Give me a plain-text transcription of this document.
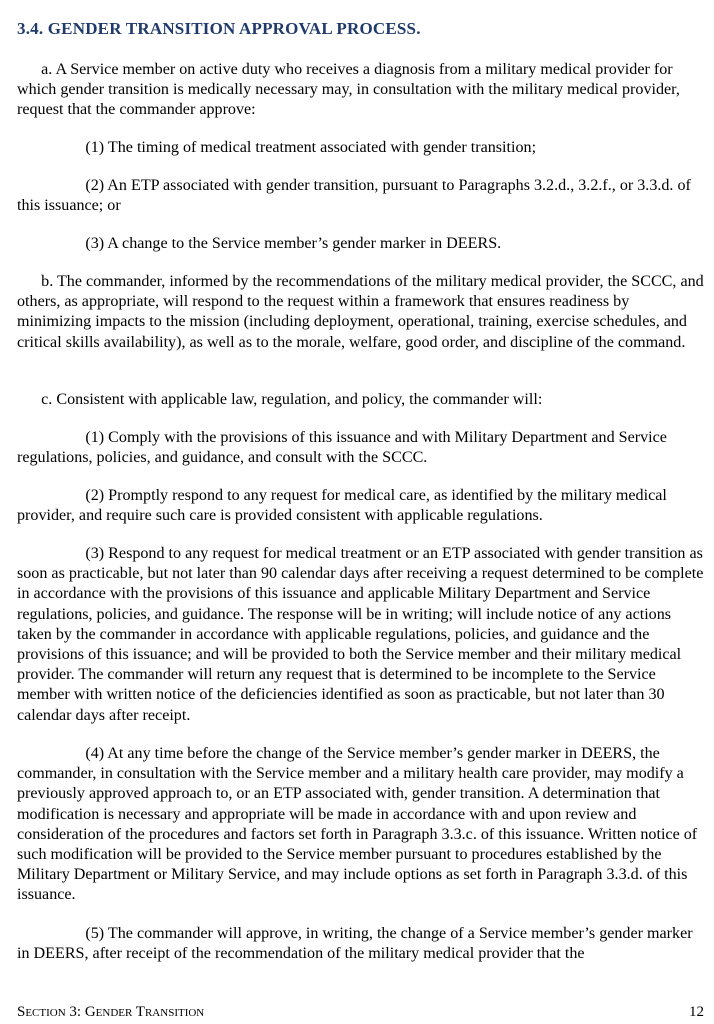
3.4. GENDER TRANSITION APPROVAL PROCESS.

a. A Service member on active duty who receives a diagnosis from a military medical provider for which gender transition is medically necessary may, in consultation with the military medical provider, request that the commander approve:

(1) The timing of medical treatment associated with gender transition;

(2) An ETP associated with gender transition, pursuant to Paragraphs 3.2.d., 3.2.f., or 3.3.d. of this issuance; or

(3) A change to the Service member’s gender marker in DEERS.

b. The commander, informed by the recommendations of the military medical provider, the SCCC, and others, as appropriate, will respond to the request within a framework that ensures readiness by minimizing impacts to the mission (including deployment, operational, training, exercise schedules, and critical skills availability), as well as to the morale, welfare, good order, and discipline of the command.

c. Consistent with applicable law, regulation, and policy, the commander will:

(1) Comply with the provisions of this issuance and with Military Department and Service regulations, policies, and guidance, and consult with the SCCC.

(2) Promptly respond to any request for medical care, as identified by the military medical provider, and require such care is provided consistent with applicable regulations.

(3) Respond to any request for medical treatment or an ETP associated with gender transition as soon as practicable, but not later than 90 calendar days after receiving a request determined to be complete in accordance with the provisions of this issuance and applicable Military Department and Service regulations, policies, and guidance. The response will be in writing; will include notice of any actions taken by the commander in accordance with applicable regulations, policies, and guidance and the provisions of this issuance; and will be provided to both the Service member and their military medical provider. The commander will return any request that is determined to be incomplete to the Service member with written notice of the deficiencies identified as soon as practicable, but not later than 30 calendar days after receipt.

(4) At any time before the change of the Service member’s gender marker in DEERS, the commander, in consultation with the Service member and a military health care provider, may modify a previously approved approach to, or an ETP associated with, gender transition. A determination that modification is necessary and appropriate will be made in accordance with and upon review and consideration of the procedures and factors set forth in Paragraph 3.3.c. of this issuance. Written notice of such modification will be provided to the Service member pursuant to procedures established by the Military Department or Military Service, and may include options as set forth in Paragraph 3.3.d. of this issuance.

(5) The commander will approve, in writing, the change of a Service member’s gender marker in DEERS, after receipt of the recommendation of the military medical provider that the

Section 3: Gender Transition	12
